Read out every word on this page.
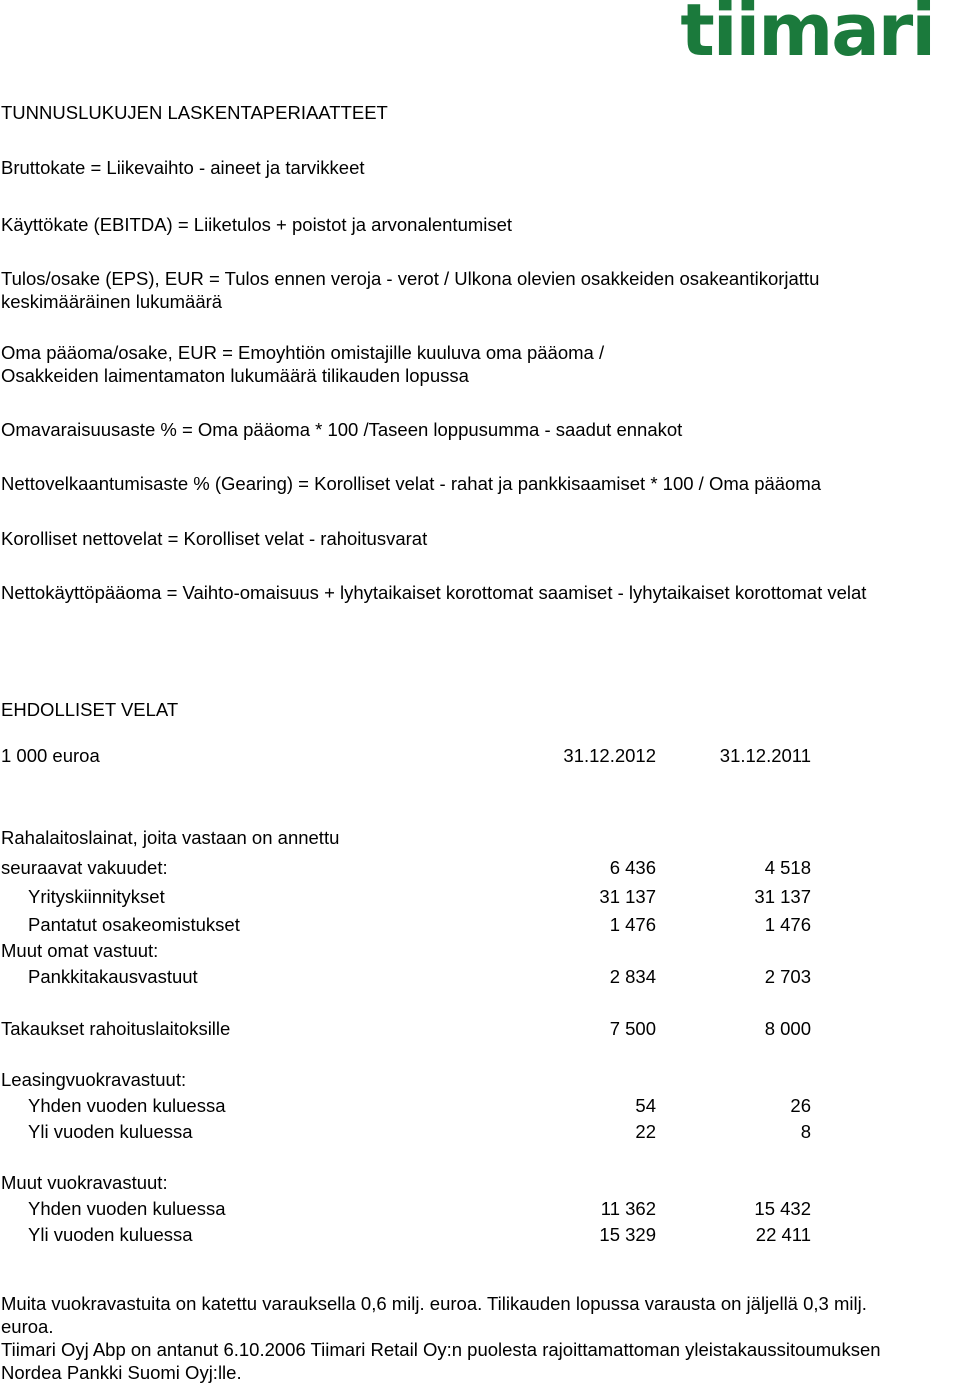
tiimari
TUNNUSLUKUJEN LASKENTAPERIAATTEET
Bruttokate = Liikevaihto - aineet ja tarvikkeet
Käyttökate (EBITDA) = Liiketulos + poistot ja arvonalentumiset
Tulos/osake (EPS), EUR = Tulos ennen veroja - verot / Ulkona olevien osakkeiden osakeantikorjattu
keskimääräinen lukumäärä
Oma pääoma/osake, EUR = Emoyhtiön omistajille kuuluva oma pääoma /
Osakkeiden laimentamaton lukumäärä tilikauden lopussa
Omavaraisuusaste % = Oma pääoma * 100 /Taseen loppusumma - saadut ennakot
Nettovelkaantumisaste % (Gearing) = Korolliset velat - rahat ja pankkisaamiset * 100 / Oma pääoma
Korolliset nettovelat = Korolliset velat - rahoitusvarat
Nettokäyttöpääoma = Vaihto-omaisuus + lyhytaikaiset korottomat saamiset - lyhytaikaiset korottomat velat
EHDOLLISET VELAT
1 000 euroa	31.12.2012	31.12.2011
Rahalaitoslainat, joita vastaan on annettu
seuraavat vakuudet:	6 436	4 518
Yrityskiinnitykset	31 137	31 137
Pantatut osakeomistukset	1 476	1 476
Muut omat vastuut:
Pankkitakausvastuut	2 834	2 703
Takaukset rahoituslaitoksille	7 500	8 000
Leasingvuokravastuut:
Yhden vuoden kuluessa	54	26
Yli vuoden kuluessa	22	8
Muut vuokravastuut:
Yhden vuoden kuluessa	11 362	15 432
Yli vuoden kuluessa	15 329	22 411
Muita vuokravastuita on katettu varauksella 0,6 milj. euroa. Tilikauden lopussa varausta on jäljellä 0,3 milj.
euroa.
Tiimari Oyj Abp on antanut 6.10.2006 Tiimari Retail Oy:n puolesta rajoittamattoman yleistakaussitoumuksen
Nordea Pankki Suomi Oyj:lle.
